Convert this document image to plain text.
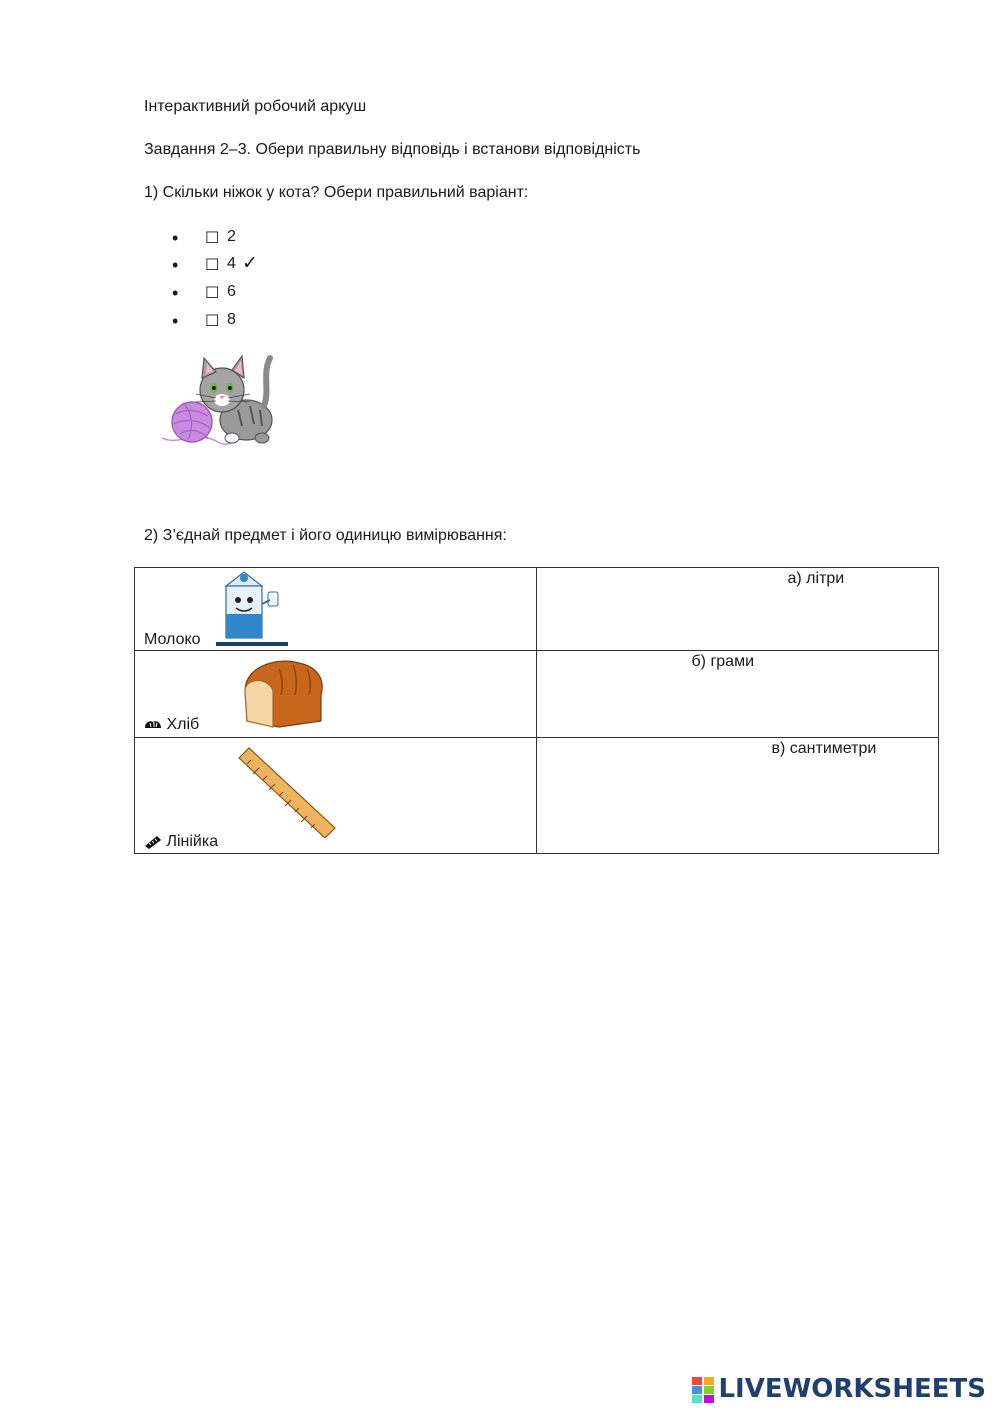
Інтерактивний робочий аркуш
Завдання 2–3. Обери правильну відповідь і встанови відповідність
1) Скільки ніжок у кота? Обери правильний варіант:
• ☐ 2
• ☐ 4 ✓
• ☐ 6
• ☐ 8
2) З’єднай предмет і його одиницю вимірювання:
Молоко	а) літри

Хліб	б) грами

Лінійка	в) сантиметри
LIVEWORKSHEETS
